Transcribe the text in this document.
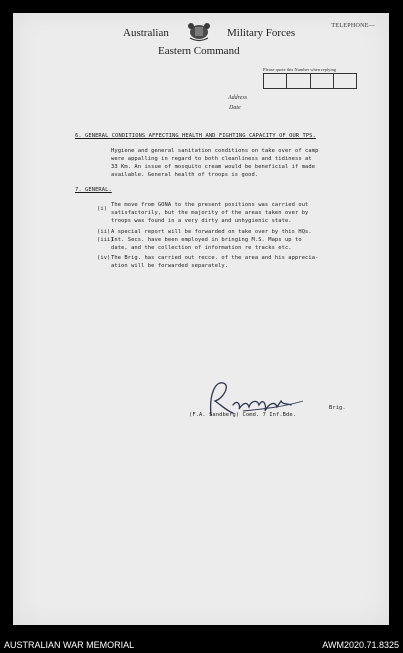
TELEPHONE—
Australian	Military Forces
Eastern Command
Please quote this Number when replying
Address
Date
6. GENERAL CONDITIONS AFFECTING HEALTH AND FIGHTING CAPACITY OF OUR TPS.
Hygiene and general sanitation conditions on take over of camp
were appalling in regard to both cleanliness and tidiness at
33 Km. An issue of mosquito cream would be beneficial if made
available. General health of troops is good.
7. GENERAL.
(i)
The move from GONA to the present positions was carried out
satisfactorily, but the majority of the areas taken over by
troops was found in a very dirty and unhygienic state.
(ii) A special report will be forwarded on take over by this HQs.
(iii)
Int. Secs. have been employed in bringing M.S. Maps up to
date, and the collection of information re tracks etc.
(iv) The Brig. has carried out recce. of the area and his apprecia-
ation will be forwarded separately.
(F.A. Sandberg) Comd. 7 Inf.Bde.
Brig.
AUSTRALIAN WAR MEMORIAL	AWM2020.71.8325
